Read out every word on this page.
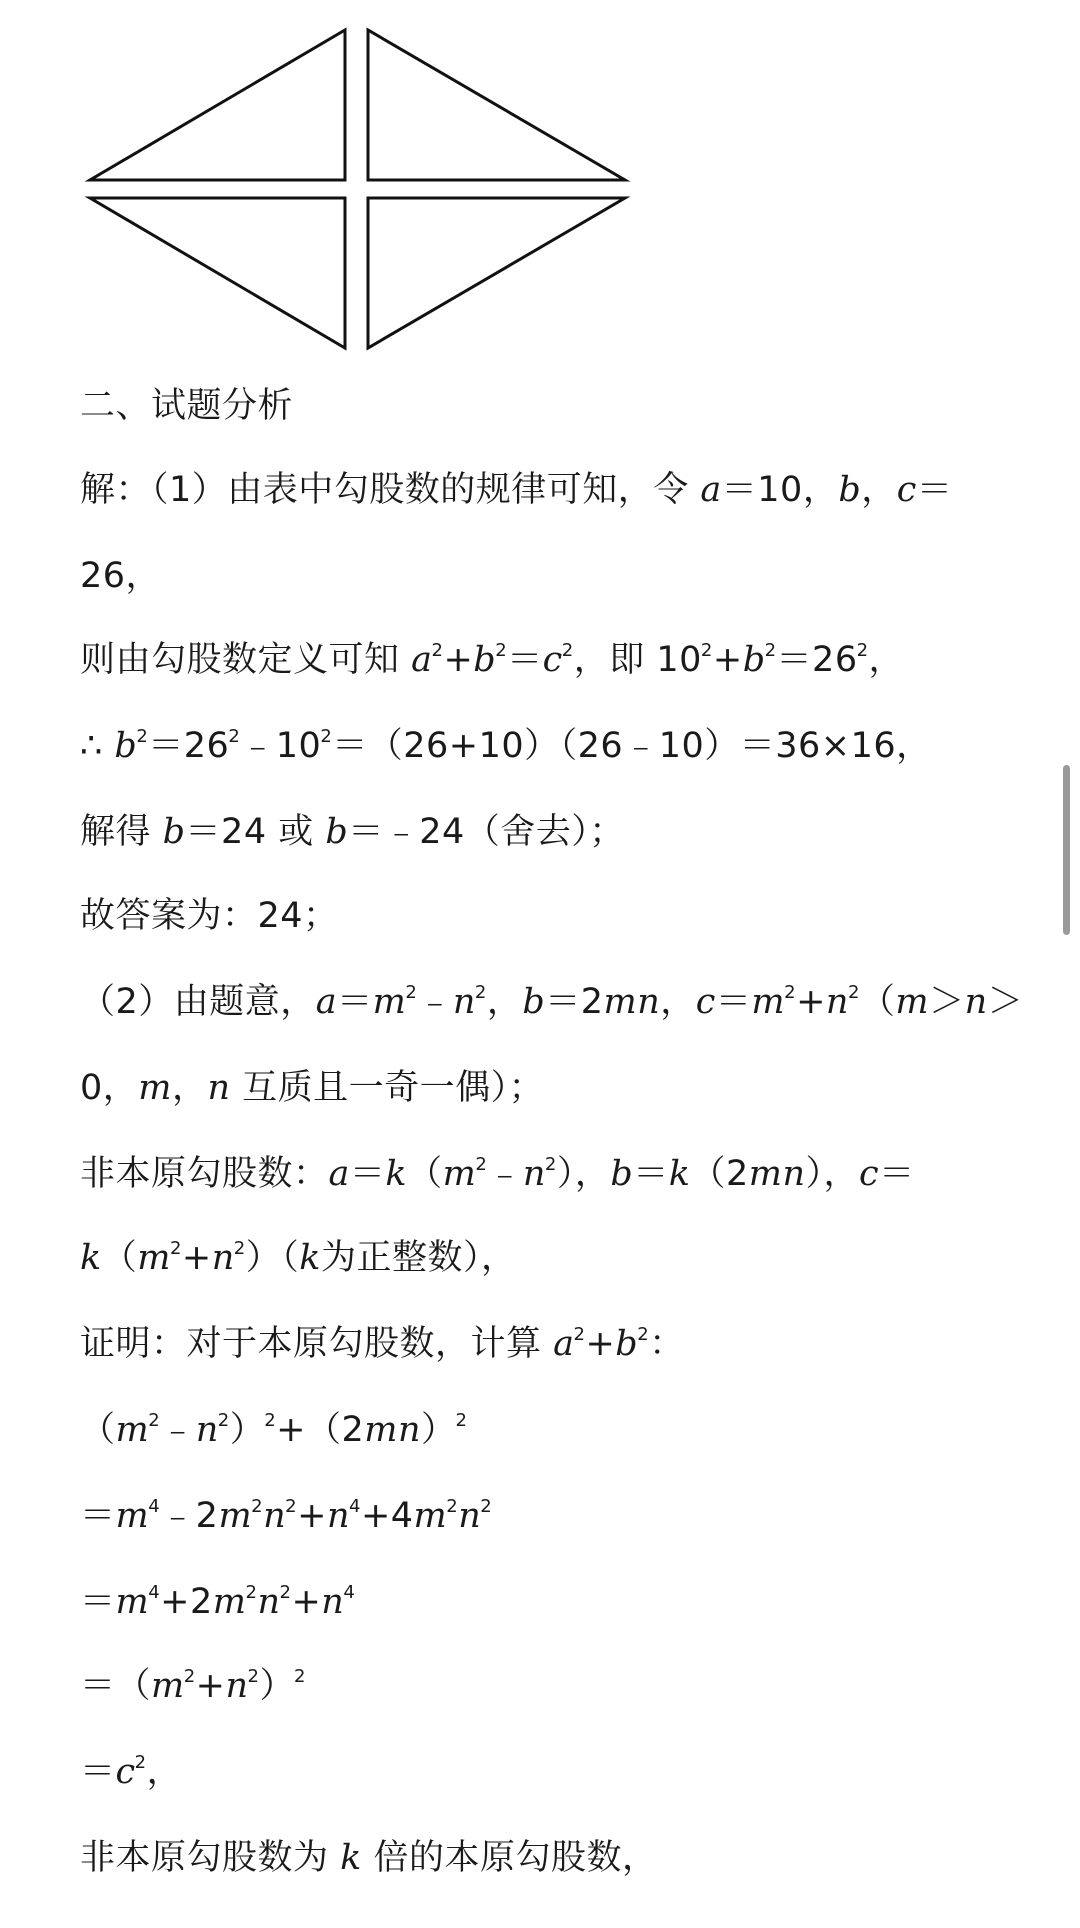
二、试题分析
解：（1）由表中勾股数的规律可知，令 a＝10，b，c＝
26，
则由勾股数定义可知 $a^2+b^2=c^2$，即 $10^2+b^2=26^2$，
∴ $b^2=26^2﹣10^2=(26+10)(26﹣10)=36\times 16$，
解得 b＝24 或 b＝﹣24（舍去）；
故答案为：24；
（2）由题意，$a=m^2﹣n^2$，b＝2mn，$c=m^2+n^2(m>n>$
0，m，n 互质且一奇一偶）；
非本原勾股数：$a=k(m^2﹣n^2)$，b＝k（2mn），c＝
$k(m^2+n^2)(k$为正整数），
证明：对于本原勾股数，计算 $a^2+b^2$：
$(m^2﹣n^2)^2+(2mn)^2$
$=m^4﹣2m^2n^2+n^4+4m^2n^2$
$=m^4+2m^2n^2+n^4$
$=(m^2+n^2)^2$
$=c^2$，
非本原勾股数为 k 倍的本原勾股数，
